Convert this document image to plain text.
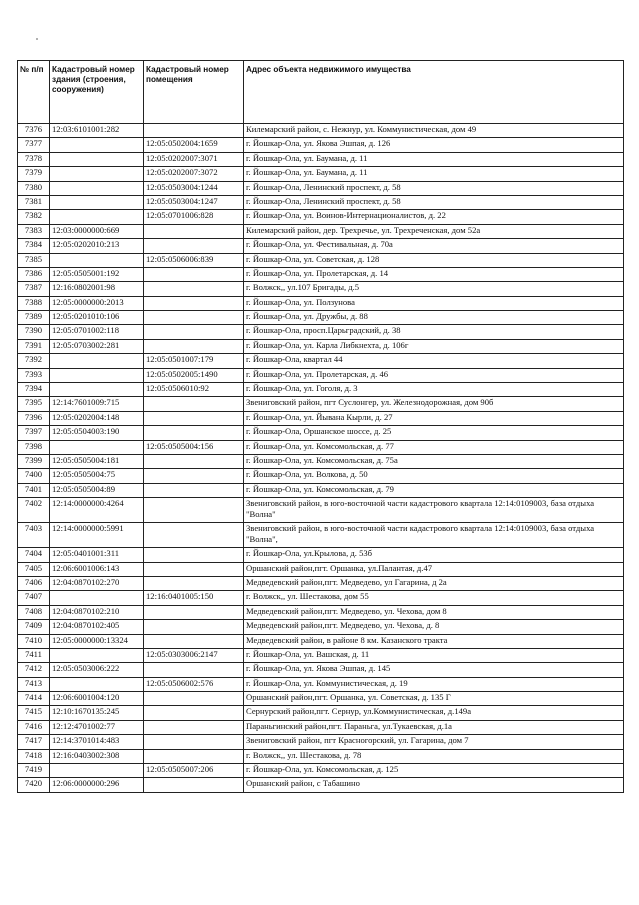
№ п/п	Кадастровый номер здания (строения, сооружения)	Кадастровый номер помещения	Адрес объекта недвижимого имущества
7376	12:03:6101001:282		Килемарский район, с. Нежнур, ул. Коммунистическая, дом 49
7377		12:05:0502004:1659	г. Йошкар-Ола, ул. Якова Эшпая, д. 126
7378		12:05:0202007:3071	г. Йошкар-Ола, ул. Баумана, д. 11
7379		12:05:0202007:3072	г. Йошкар-Ола, ул. Баумана, д. 11
7380		12:05:0503004:1244	г. Йошкар-Ола, Ленинский проспект, д. 58
7381		12:05:0503004:1247	г. Йошкар-Ола, Ленинский проспект, д. 58
7382		12:05:0701006:828	г. Йошкар-Ола, ул. Воинов-Интернационалистов, д. 22
7383	12:03:0000000:669		Килемарский район, дер. Трехречье, ул. Трехреченская, дом 52а
7384	12:05:0202010:213		г. Йошкар-Ола, ул. Фестивальная, д. 70а
7385		12:05:0506006:839	г. Йошкар-Ола, ул. Советская, д. 128
7386	12:05:0505001:192		г. Йошкар-Ола, ул. Пролетарская, д. 14
7387	12:16:0802001:98		г. Волжск,, ул.107 Бригады, д.5
7388	12:05:0000000:2013		г. Йошкар-Ола, ул. Ползунова
7389	12:05:0201010:106		г. Йошкар-Ола, ул. Дружбы, д. 88
7390	12:05:0701002:118		г. Йошкар-Ола, просп.Царьградский, д. 38
7391	12:05:0703002:281		г. Йошкар-Ола, ул. Карла Либкнехта, д. 106г
7392		12:05:0501007:179	г. Йошкар-Ола, квартал 44
7393		12:05:0502005:1490	г. Йошкар-Ола, ул. Пролетарская, д. 46
7394		12:05:0506010:92	г. Йошкар-Ола, ул. Гоголя, д. 3
7395	12:14:7601009:715		Звениговский район, пгт Суслонгер, ул. Железнодорожная, дом 90б
7396	12:05:0202004:148		г. Йошкар-Ола, ул. Йывана Кырли, д. 27
7397	12:05:0504003:190		г. Йошкар-Ола, Оршанское шоссе, д. 25
7398		12:05:0505004:156	г. Йошкар-Ола, ул. Комсомольская, д. 77
7399	12:05:0505004:181		г. Йошкар-Ола, ул. Комсомольская, д. 75а
7400	12:05:0505004:75		г. Йошкар-Ола, ул. Волкова, д. 50
7401	12:05:0505004:89		г. Йошкар-Ола, ул. Комсомольская, д. 79
7402	12:14:0000000:4264		Звениговский район, в юго-восточной части кадастрового квартала 12:14:0109003, база отдыха "Волна"
7403	12:14:0000000:5991		Звениговский район, в юго-восточной части кадастрового квартала 12:14:0109003, база отдыха "Волна",
7404	12:05:0401001:311		г. Йошкар-Ола, ул.Крылова, д. 53б
7405	12:06:6001006:143		Оршанский район,пгт. Оршанка, ул.Палантая, д.47
7406	12:04:0870102:270		Медведевский район,пгт. Медведево, ул Гагарина, д 2а
7407		12:16:0401005:150	г. Волжск,, ул. Шестакова, дом 55
7408	12:04:0870102:210		Медведевский район,пгт. Медведево, ул. Чехова, дом 8
7409	12:04:0870102:405		Медведевский район,пгт. Медведево, ул. Чехова, д. 8
7410	12:05:0000000:13324		Медведевский район, в районе 8 км. Казанского тракта
7411		12:05:0303006:2147	г. Йошкар-Ола, ул. Вашская, д. 11
7412	12:05:0503006:222		г. Йошкар-Ола, ул. Якова Эшпая, д. 145
7413		12:05:0506002:576	г. Йошкар-Ола, ул. Коммунистическая, д. 19
7414	12:06:6001004:120		Оршанский район,пгт. Оршанка, ул. Советская, д. 135 Г
7415	12:10:1670135:245		Сернурский район,пгт. Сернур, ул.Коммунистическая, д.149а
7416	12:12:4701002:77		Параньгинский район,пгт. Параньга, ул.Тукаевская, д.1а
7417	12:14:3701014:483		Звениговский район, пгт Красногорский, ул. Гагарина, дом 7
7418	12:16:0403002:308		г. Волжск,, ул. Шестакова, д. 78
7419		12:05:0505007:206	г. Йошкар-Ола, ул. Комсомольская, д. 125
7420	12:06:0000000:296		Оршанский район, с Табашино
